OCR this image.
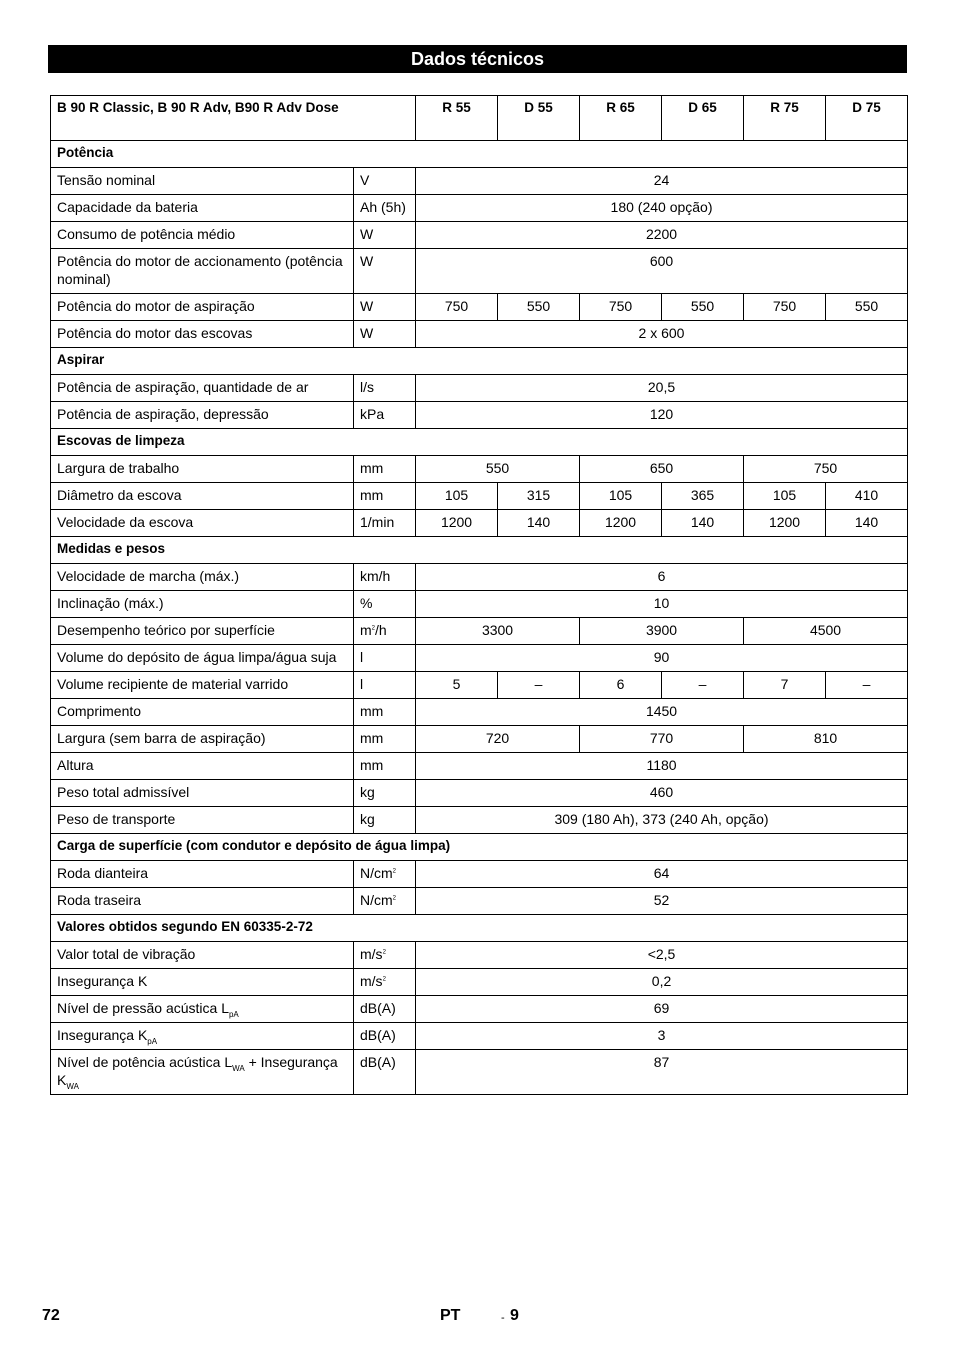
Dados técnicos
B 90 R Classic, B 90 R Adv, B90 R Adv Dose		R 55	D 55	R 65	D 65	R 75	D 75
Potência							
Tensão nominal	V	24					
Capacidade da bateria	Ah (5h)	180 (240 opção)					
Consumo de potência médio	W	2200					
Potência do motor de accionamento (potência nominal)	W	600					
Potência do motor de aspiração	W	750	550	750	550	750	550
Potência do motor das escovas	W	2 x 600					
Aspirar							
Potência de aspiração, quantidade de ar	l/s	20,5					
Potência de aspiração, depressão	kPa	120					
Escovas de limpeza							
Largura de trabalho	mm	550		650		750	
Diâmetro da escova	mm	105	315	105	365	105	410
Velocidade da escova	1/min	1200	140	1200	140	1200	140
Medidas e pesos							
Velocidade de marcha (máx.)	km/h	6					
Inclinação (máx.)	%	10					
Desempenho teórico por superfície	$m^2/h$	3300		3900		4500	
Volume do depósito de água limpa/água suja	l	90					
Volume recipiente de material varrido	l	5	–	6	–	7	–
Comprimento	mm	1450					
Largura (sem barra de aspiração)	mm	720		770		810	
Altura	mm	1180					
Peso total admissível	kg	460					
Peso de transporte	kg	309 (180 Ah), 373 (240 Ah, opção)					
Carga de superfície (com condutor e depósito de água limpa)							
Roda dianteira	$N/cm^2$	64					
Roda traseira	$N/cm^2$	52					
Valores obtidos segundo EN 60335-2-72							
Valor total de vibração	$m/s^2$	<2,5					
Insegurança K	$m/s^2$	0,2					
Nível de pressão acústica $L_{pA}$	dB(A)	69					
Insegurança $K_{pA}$	dB(A)	3					
Nível de potência acústica $L_{WA}$ + Insegurança $K_{WA}$	dB(A)	87					
72	PT	- 9
